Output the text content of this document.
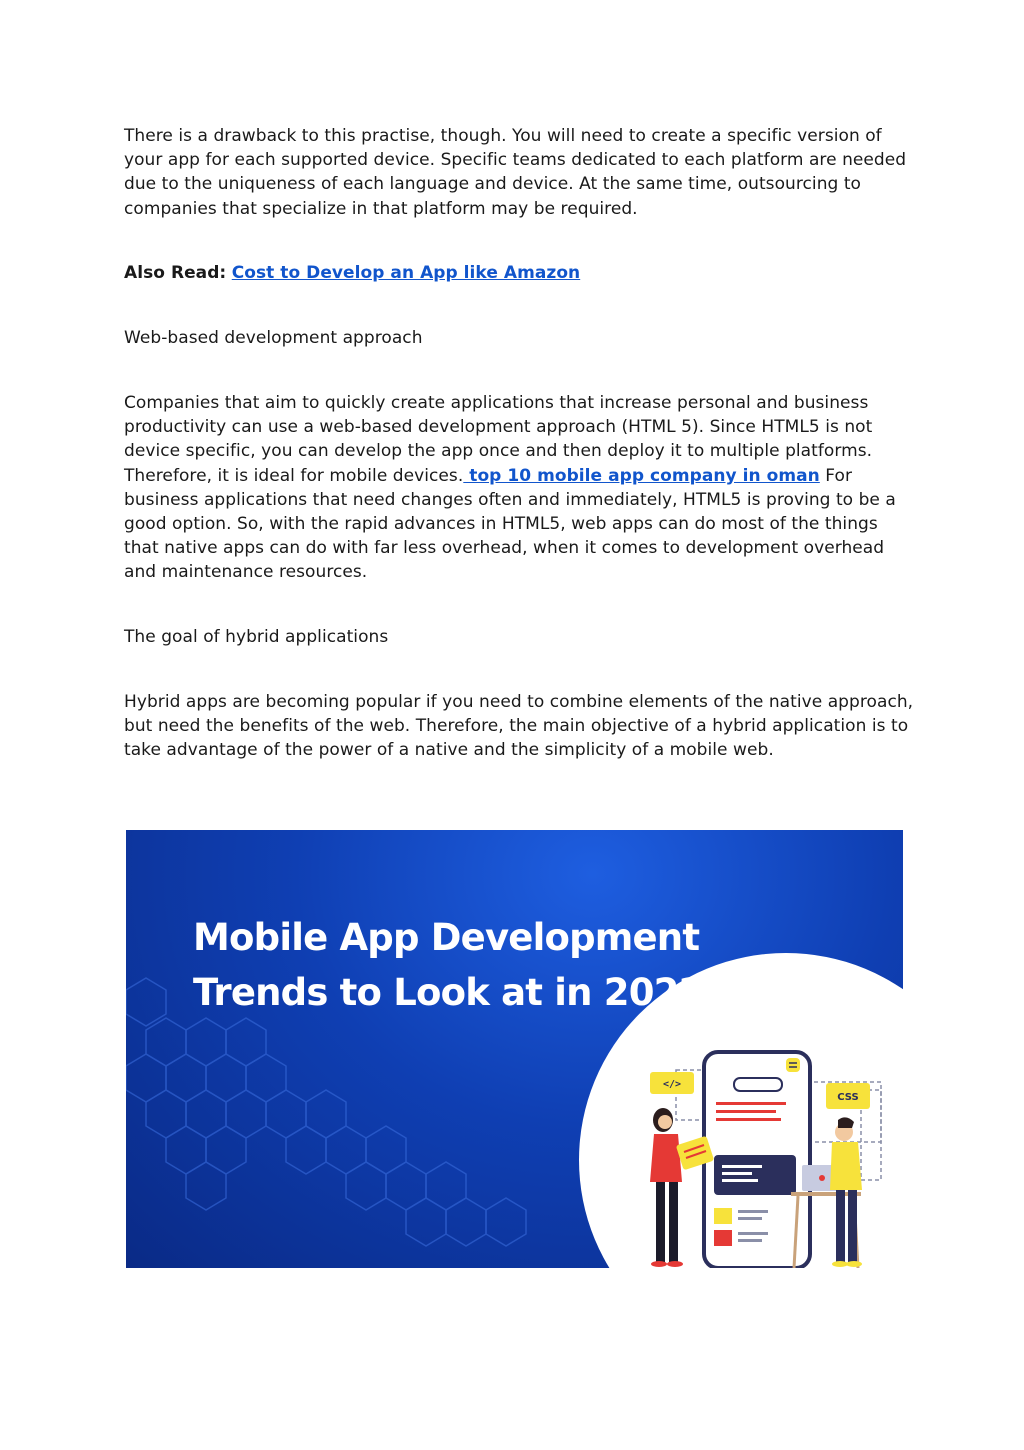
There is a drawback to this practise, though. You will need to create a specific version of your app for each supported device. Specific teams dedicated to each platform are needed due to the uniqueness of each language and device. At the same time, outsourcing to companies that specialize in that platform may be required.

Also Read: Cost to Develop an App like Amazon

Web-based development approach

Companies that aim to quickly create applications that increase personal and business productivity can use a web-based development approach (HTML 5). Since HTML5 is not device specific, you can develop the app once and then deploy it to multiple platforms. Therefore, it is ideal for mobile devices. top 10 mobile app company in oman For business applications that need changes often and immediately, HTML5 is proving to be a good option. So, with the rapid advances in HTML5, web apps can do most of the things that native apps can do with far less overhead, when it comes to development overhead and maintenance resources.

The goal of hybrid applications

Hybrid apps are becoming popular if you need to combine elements of the native approach, but need the benefits of the web. Therefore, the main objective of a hybrid application is to take advantage of the power of a native and the simplicity of a mobile web.

</>
CSS
Mobile App Development
Trends to Look at in 2022
